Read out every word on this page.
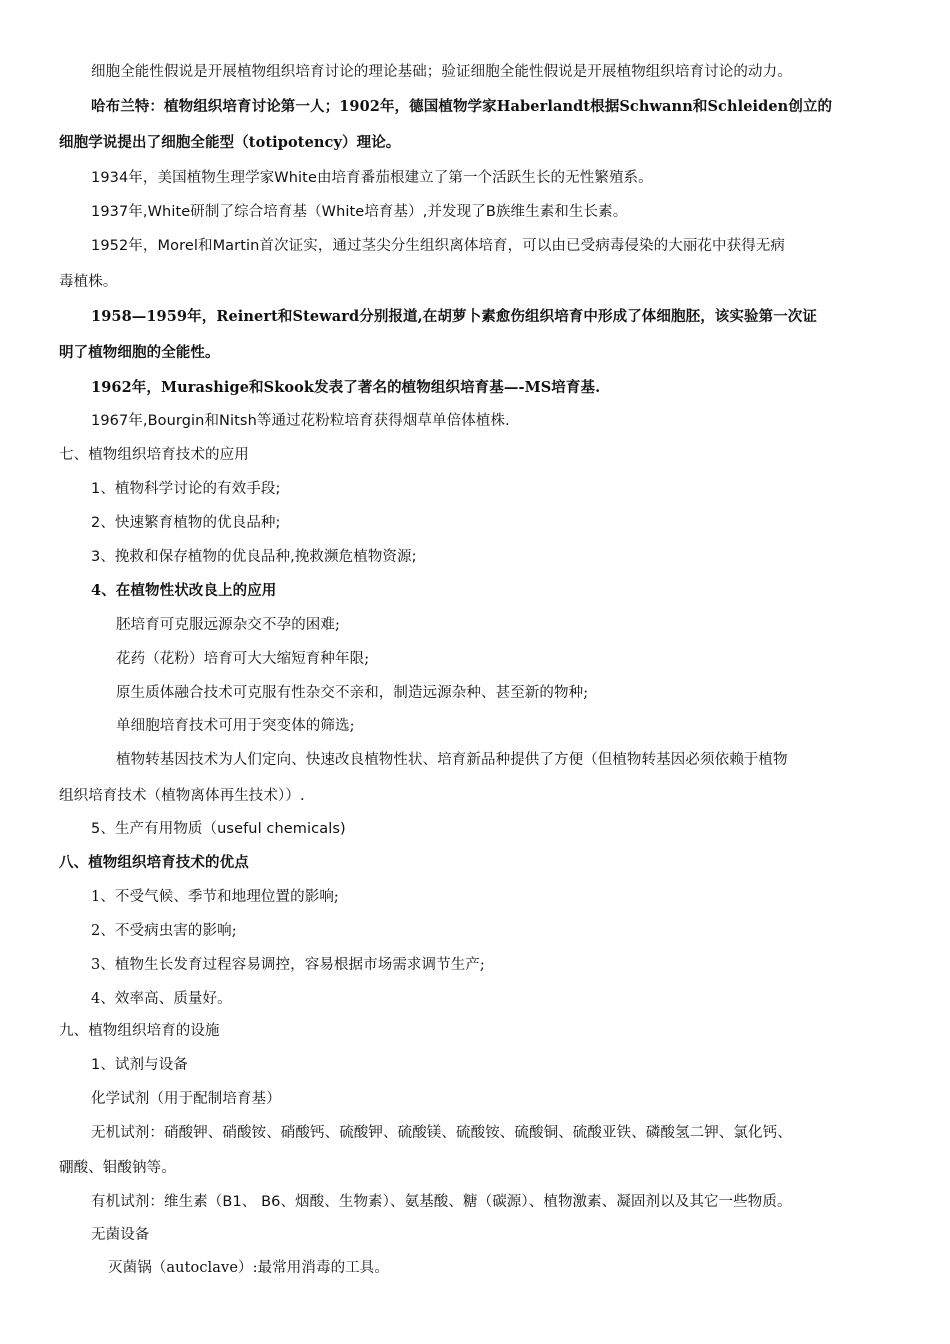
细胞全能性假说是开展植物组织培育讨论的理论基础；验证细胞全能性假说是开展植物组织培育讨论的动力。
哈布兰特：植物组织培育讨论第一人；1902年，德国植物学家Haberlandt根据Schwann和Schleiden创立的
细胞学说提出了细胞全能型（totipotency）理论。
1934年，美国植物生理学家White由培育番茄根建立了第一个活跃生长的无性繁殖系。
1937年,White研制了综合培育基（White培育基）,并发现了B族维生素和生长素。
1952年，Morel和Martin首次证实，通过茎尖分生组织离体培育，可以由已受病毒侵染的大丽花中获得无病
毒植株。
1958—1959年，Reinert和Steward分别报道,在胡萝卜素愈伤组织培育中形成了体细胞胚，该实验第一次证
明了植物细胞的全能性。
1962年，Murashige和Skook发表了著名的植物组织培育基—-MS培育基.
1967年,Bourgin和Nitsh等通过花粉粒培育获得烟草单倍体植株.
七、植物组织培育技术的应用
1、植物科学讨论的有效手段;
2、快速繁育植物的优良品种;
3、挽救和保存植物的优良品种,挽救濒危植物资源;
4、在植物性状改良上的应用
胚培育可克服远源杂交不孕的困难;
花药（花粉）培育可大大缩短育种年限;
原生质体融合技术可克服有性杂交不亲和，制造远源杂种、甚至新的物种;
单细胞培育技术可用于突变体的筛选;
植物转基因技术为人们定向、快速改良植物性状、培育新品种提供了方便（但植物转基因必须依赖于植物
组织培育技术（植物离体再生技术））.
5、生产有用物质（useful chemicals)
八、植物组织培育技术的优点
1、不受气候、季节和地理位置的影响;
2、不受病虫害的影响;
3、植物生长发育过程容易调控，容易根据市场需求调节生产;
4、效率高、质量好。
九、植物组织培育的设施
1、试剂与设备
化学试剂（用于配制培育基）
无机试剂：硝酸钾、硝酸铵、硝酸钙、硫酸钾、硫酸镁、硫酸铵、硫酸铜、硫酸亚铁、磷酸氢二钾、氯化钙、
硼酸、钼酸钠等。
有机试剂：维生素（B1、 B6、烟酸、生物素）、氨基酸、糖（碳源）、植物激素、凝固剂以及其它一些物质。
无菌设备
灭菌锅（autoclave）:最常用消毒的工具。
